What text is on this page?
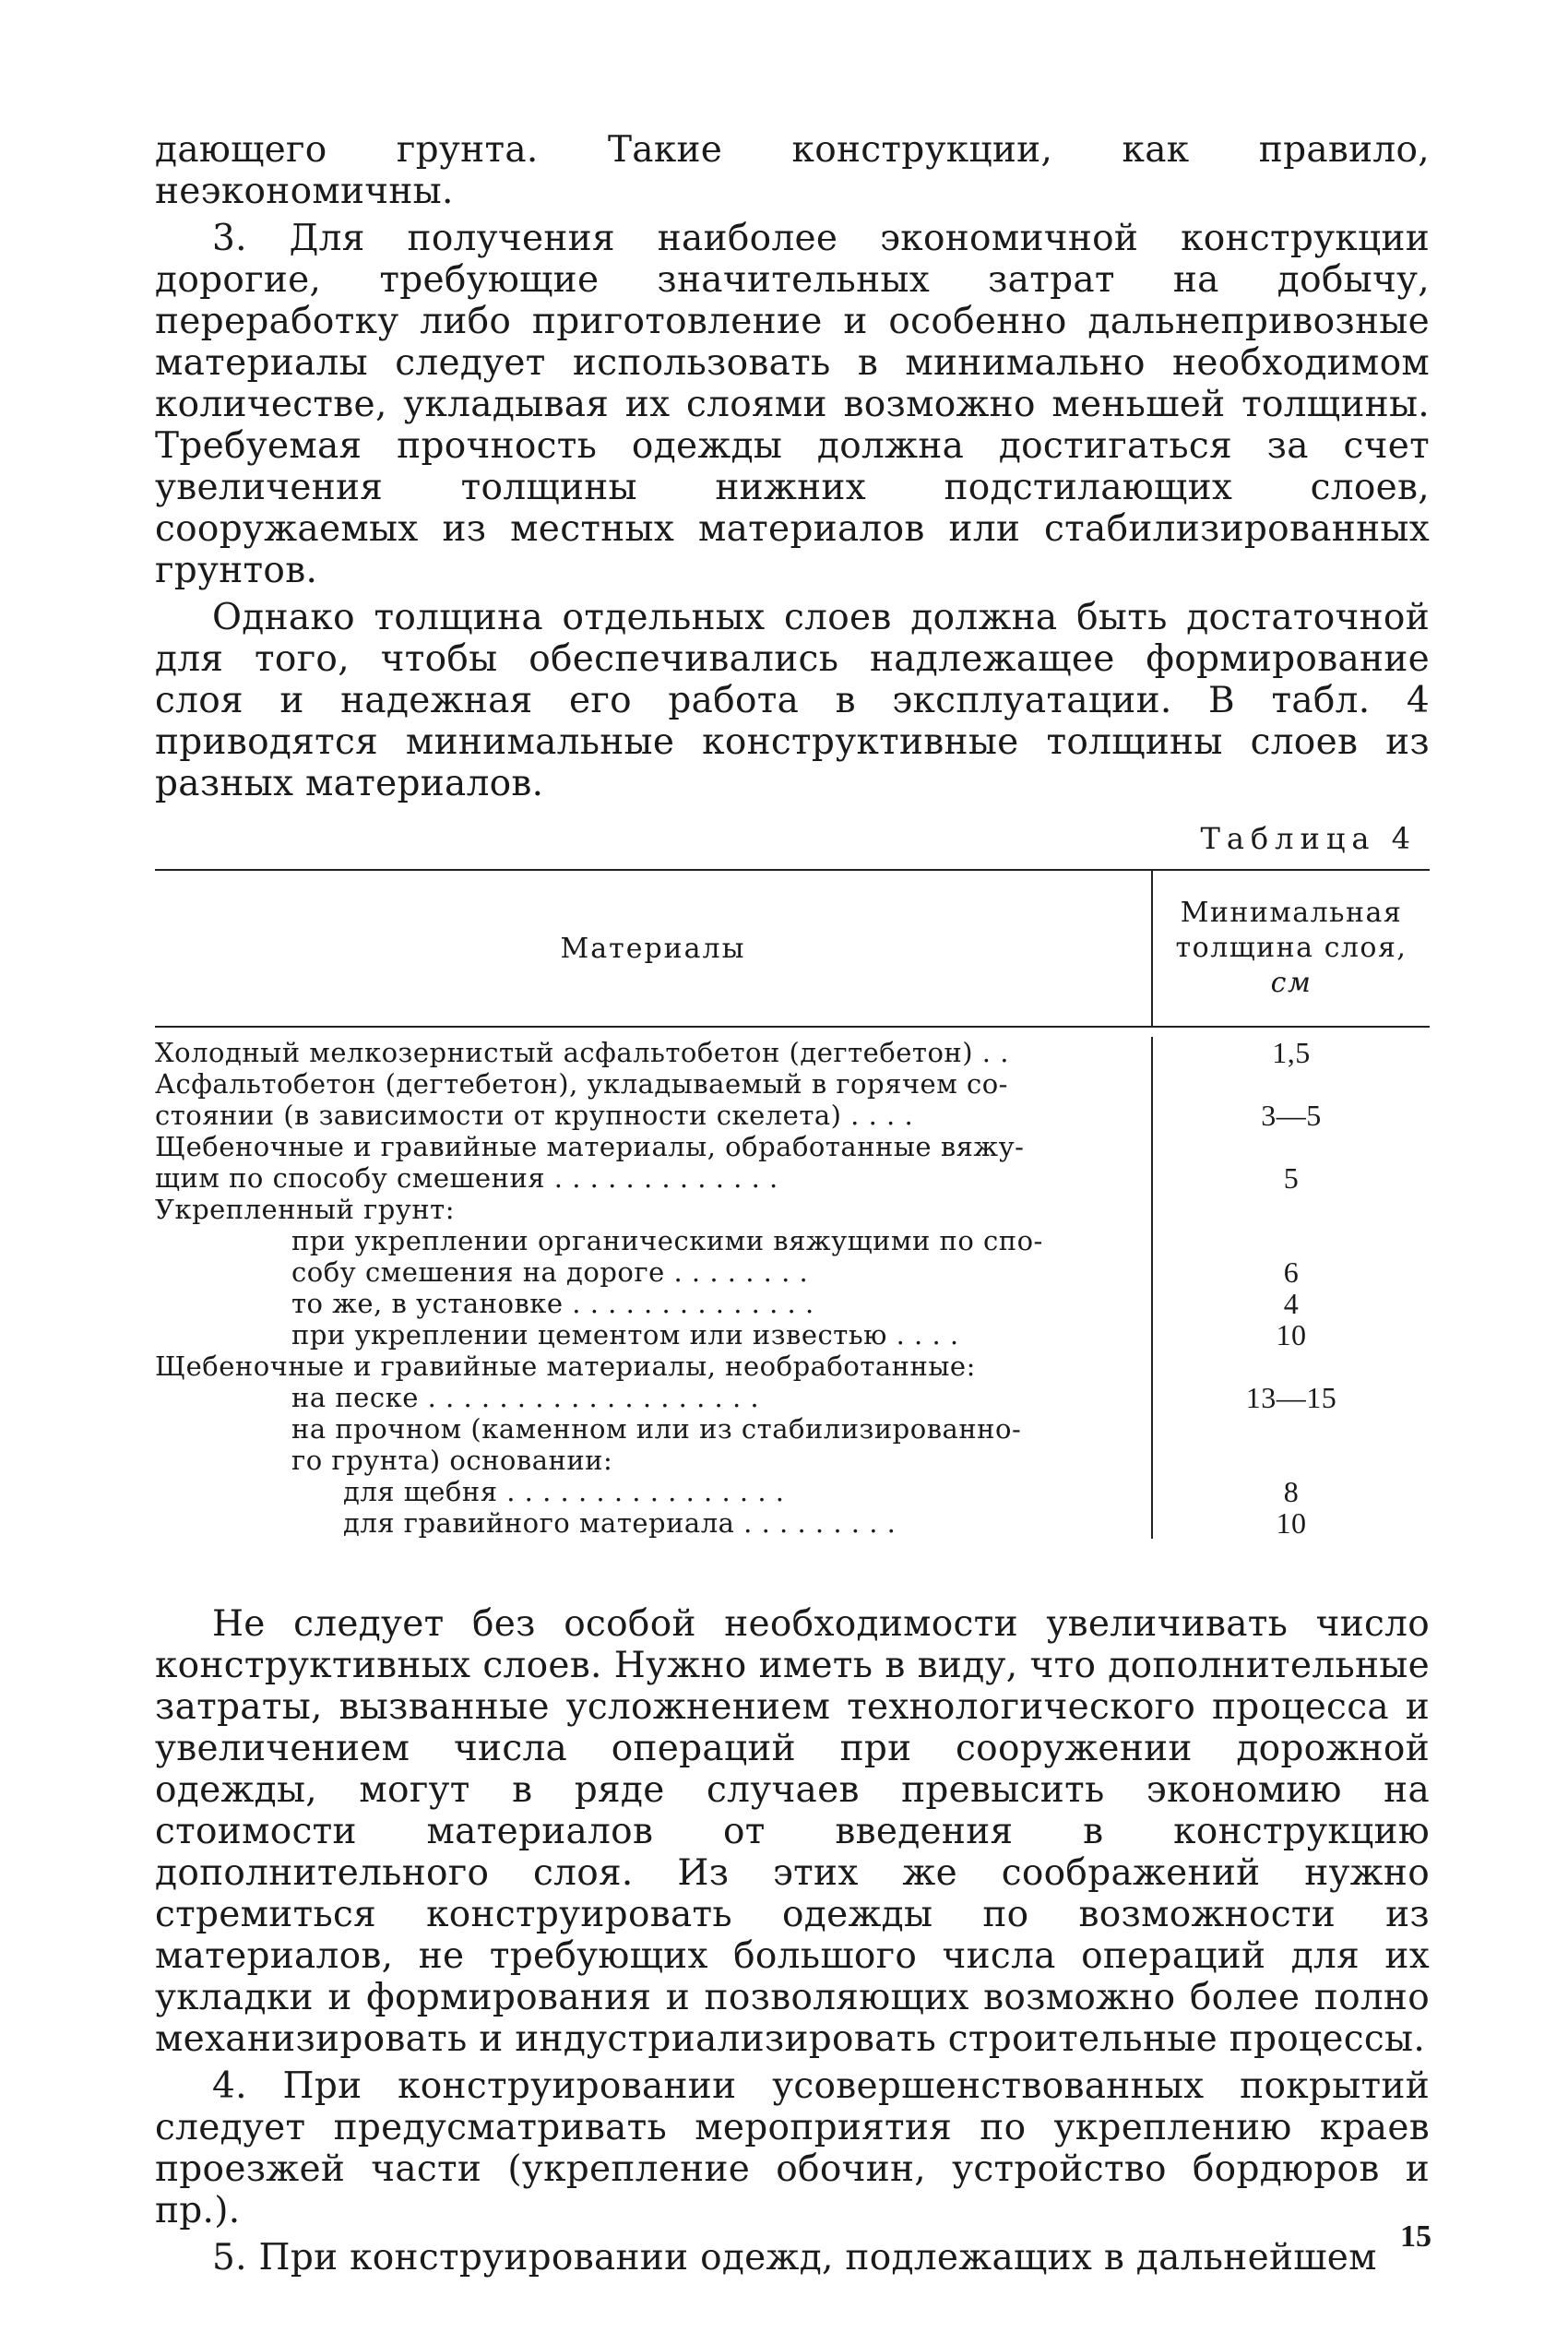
дающего грунта. Такие конструкции, как правило, неэкономичны.

3. Для получения наиболее экономичной конструкции дорогие, требующие значительных затрат на добычу, переработку либо приготовление и особенно дальнепривозные материалы следует использовать в минимально необходимом количестве, укладывая их слоями возможно меньшей толщины. Требуемая прочность одежды должна достигаться за счет увеличения толщины нижних подстилающих слоев, сооружаемых из местных материалов или стабилизированных грунтов.

Однако толщина отдельных слоев должна быть достаточной для того, чтобы обеспечивались надлежащее формирование слоя и надежная его работа в эксплуатации. В табл. 4 приводятся минимальные конструктивные толщины слоев из разных материалов.

Таблица 4
Материалы
Минимальная
толщина слоя,
см
Холодный мелкозернистый асфальтобетон (дегтебетон) . .	1,5
Асфальтобетон (дегтебетон), укладываемый в горячем со-
стоянии (в зависимости от крупности скелета) . . . .	3—5
Щебеночные и гравийные материалы, обработанные вяжу-
щим по способу смешения . . . . . . . . . . . . .	5
Укрепленный грунт:
при укреплении органическими вяжущими по спо-
собу смешения на дороге . . . . . . . .	6
то же, в установке . . . . . . . . . . . . . .	4
при укреплении цементом или известью . . . .	10
Щебеночные и гравийные материалы, необработанные:
на песке . . . . . . . . . . . . . . . . . . .	13—15
на прочном (каменном или из стабилизированно-
го грунта) основании:
для щебня . . . . . . . . . . . . . . . .	8
для гравийного материала . . . . . . . . .	10

Не следует без особой необходимости увеличивать число конструктивных слоев. Нужно иметь в виду, что дополнительные затраты, вызванные усложнением технологического процесса и увеличением числа операций при сооружении дорожной одежды, могут в ряде случаев превысить экономию на стоимости материалов от введения в конструкцию дополнительного слоя. Из этих же соображений нужно стремиться конструировать одежды по возможности из материалов, не требующих большого числа операций для их укладки и формирования и позволяющих возможно более полно механизировать и индустриализировать строительные процессы.

4. При конструировании усовершенствованных покрытий следует предусматривать мероприятия по укреплению краев проезжей части (укрепление обочин, устройство бордюров и пр.).

5. При конструировании одежд, подлежащих в дальнейшем

15
